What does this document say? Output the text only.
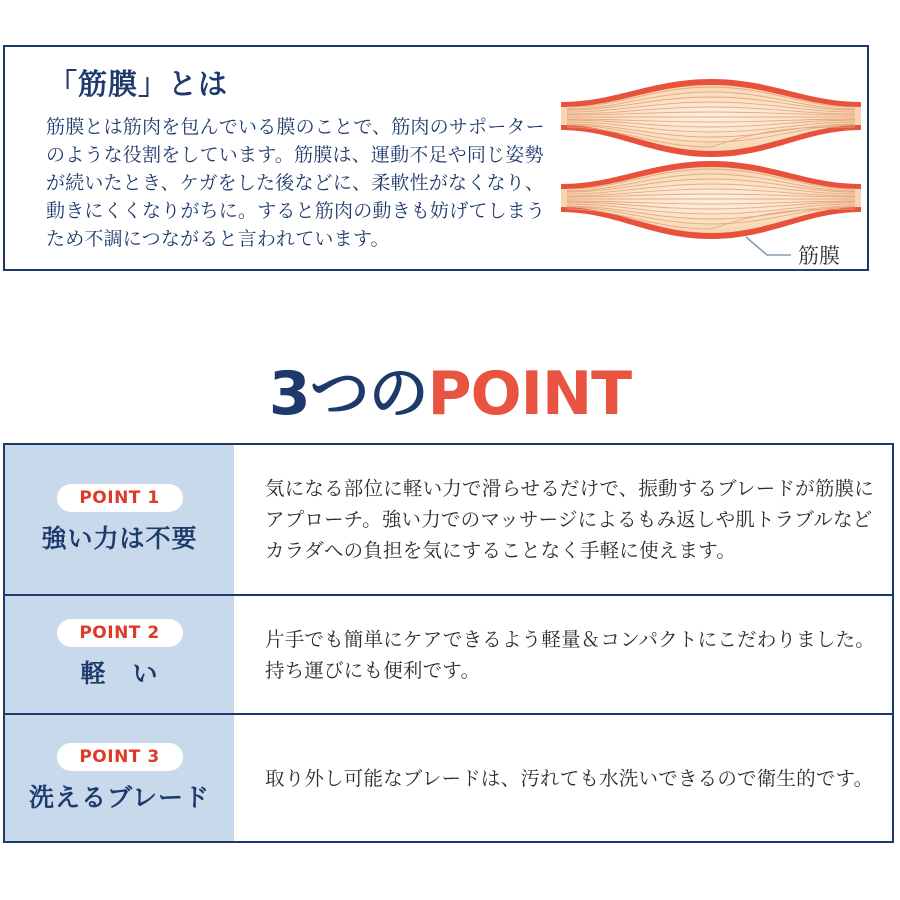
「筋膜」とは

筋膜とは筋肉を包んでいる膜のことで、筋肉のサポーターのような役割をしています。筋膜は、運動不足や同じ姿勢が続いたとき、ケガをした後などに、柔軟性がなくなり、動きにくくなりがちに。すると筋肉の動きも妨げてしまうため不調につながると言われています。

筋膜
3つのPOINT
POINT 1
強い力は不要

気になる部位に軽い力で滑らせるだけで、振動するブレードが筋膜にアプローチ。強い力でのマッサージによるもみ返しや肌トラブルなどカラダへの負担を気にすることなく手軽に使えます。

POINT 2
軽　い

片手でも簡単にケアできるよう軽量＆コンパクトにこだわりました。持ち運びにも便利です。

POINT 3
洗えるブレード

取り外し可能なブレードは、汚れても水洗いできるので衛生的です。
